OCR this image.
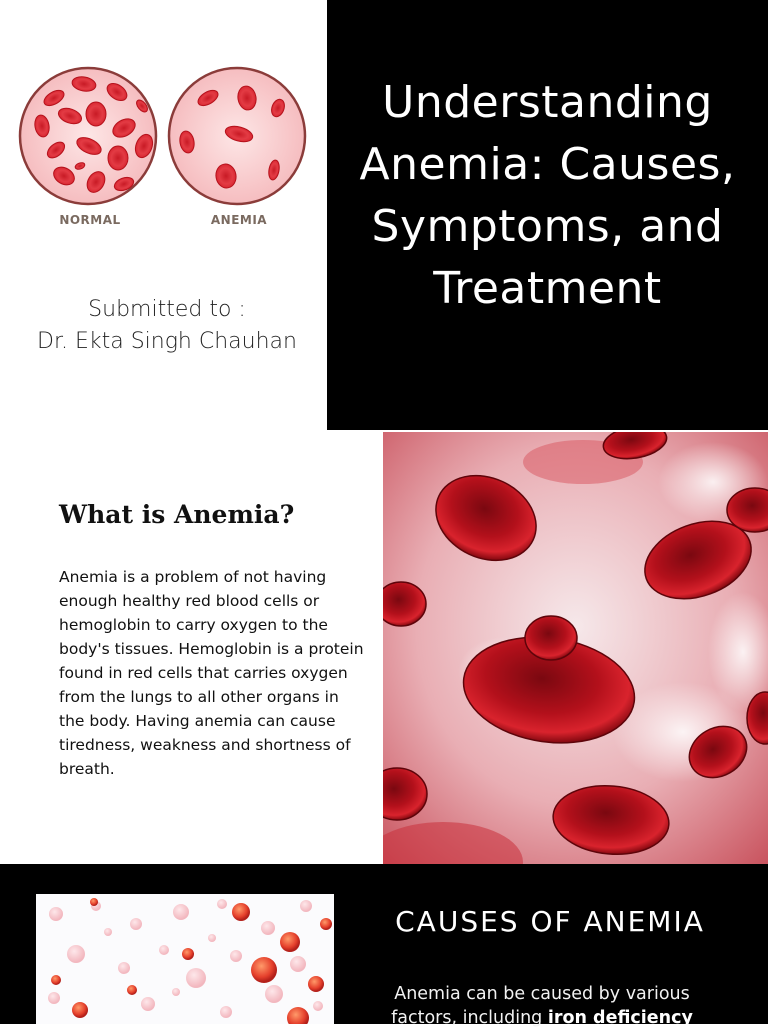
Understanding Anemia: Causes, Symptoms, and Treatment
NORMAL	ANEMIA
Submitted to :
Dr. Ekta Singh Chauhan
What is Anemia?

Anemia is a problem of not having enough healthy red blood cells or hemoglobin to carry oxygen to the body's tissues. Hemoglobin is a protein found in red cells that carries oxygen from the lungs to all other organs in the body. Having anemia can cause tiredness, weakness and shortness of breath.

CAUSES OF ANEMIA

Anemia can be caused by various factors, including iron deficiency
